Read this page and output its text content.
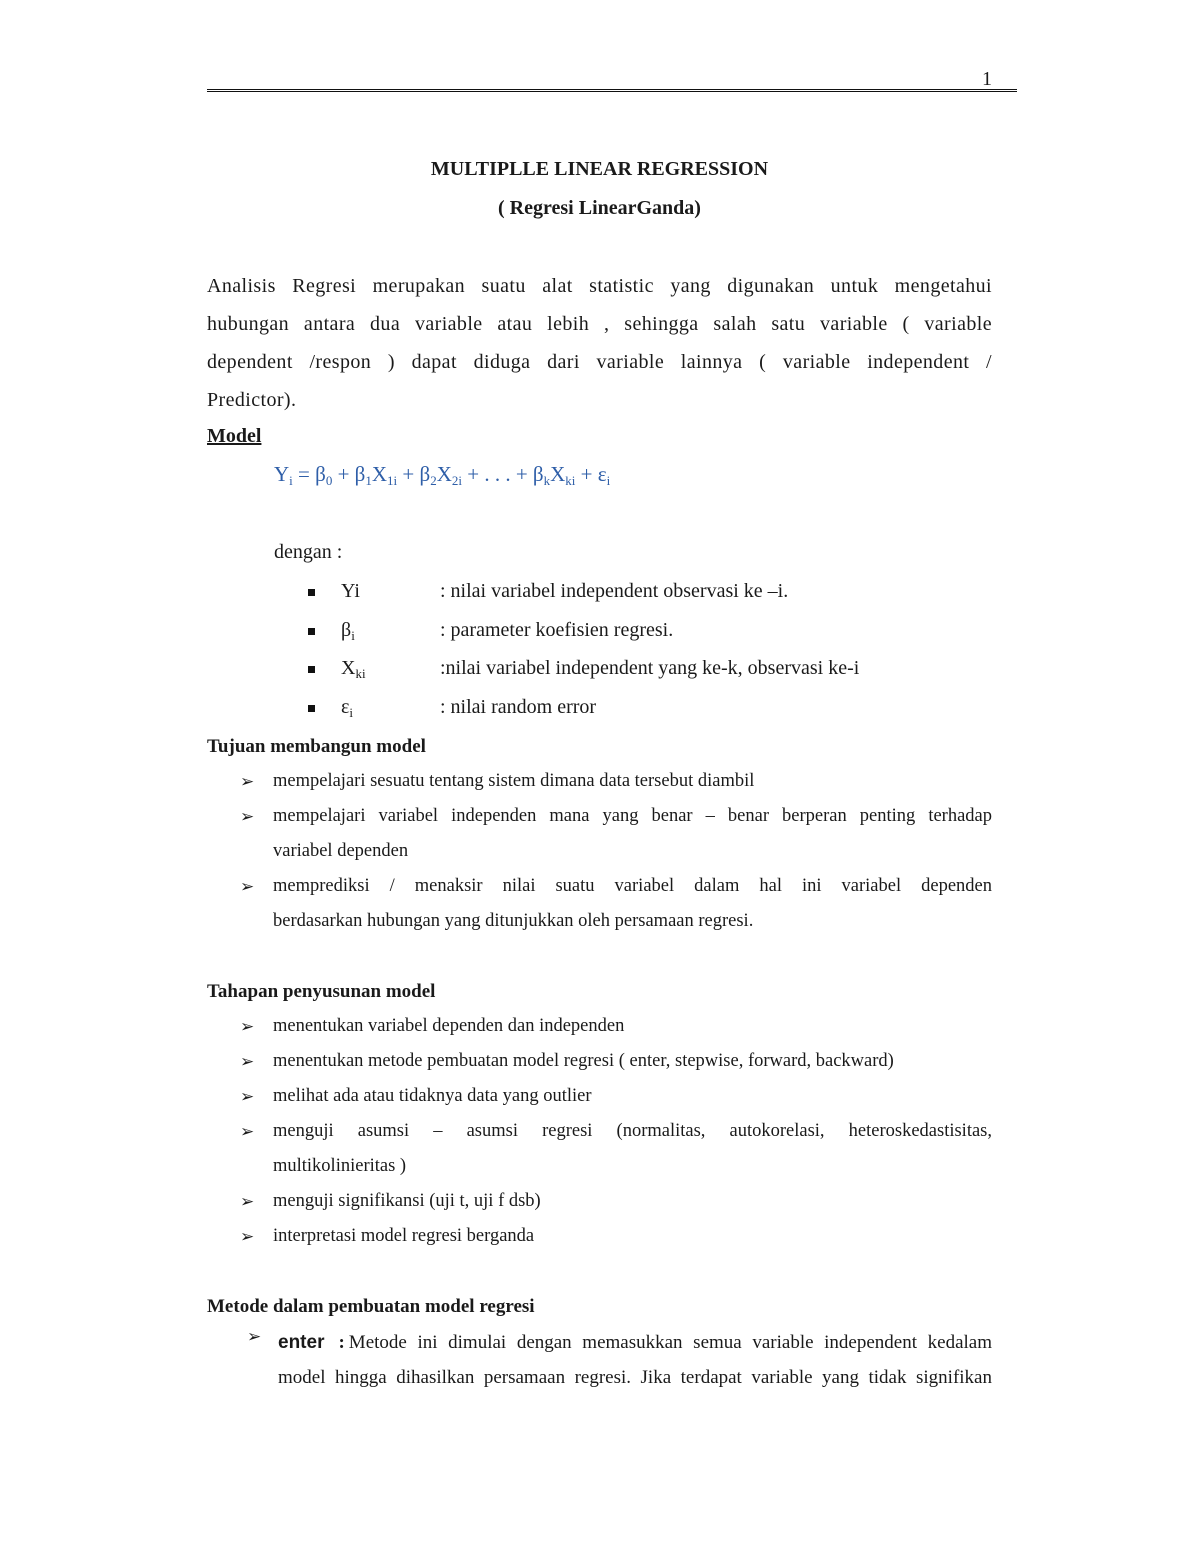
1
MULTIPLLE LINEAR REGRESSION
( Regresi LinearGanda)
Analisis Regresi merupakan suatu alat statistic yang digunakan untuk mengetahui
hubungan antara dua variable atau lebih , sehingga salah satu variable ( variable
dependent /respon ) dapat diduga dari variable lainnya ( variable independent /
Predictor).
Model
$Y_i = \beta_0 + \beta_1X_{1i} + \beta_2X_{2i}$ + . . . + $\beta_kX_{ki} + \varepsilon_i$
dengan :
Yi	: nilai variabel independent observasi ke –i.
$\beta_i$	: parameter koefisien regresi.
$X_{ki}$	:nilai variabel independent yang ke-k, observasi ke-i
$\varepsilon_i$	: nilai random error
Tujuan membangun model
➢ mempelajari sesuatu tentang sistem dimana data tersebut diambil
➢ mempelajari variabel independen mana yang benar – benar berperan penting terhadap
variabel dependen
➢ memprediksi / menaksir nilai suatu variabel dalam hal ini variabel dependen
berdasarkan hubungan yang ditunjukkan oleh persamaan regresi.
Tahapan penyusunan model
➢ menentukan variabel dependen dan independen
➢ menentukan metode pembuatan model regresi ( enter, stepwise, forward, backward)
➢ melihat ada atau tidaknya data yang outlier
➢ menguji asumsi – asumsi regresi (normalitas, autokorelasi, heteroskedastisitas,
multikolinieritas )
➢ menguji signifikansi (uji t, uji f dsb)
➢ interpretasi model regresi berganda
Metode dalam pembuatan model regresi
➢ enter : Metode ini dimulai dengan memasukkan semua variable independent kedalam
model hingga dihasilkan persamaan regresi. Jika terdapat variable yang tidak signifikan
